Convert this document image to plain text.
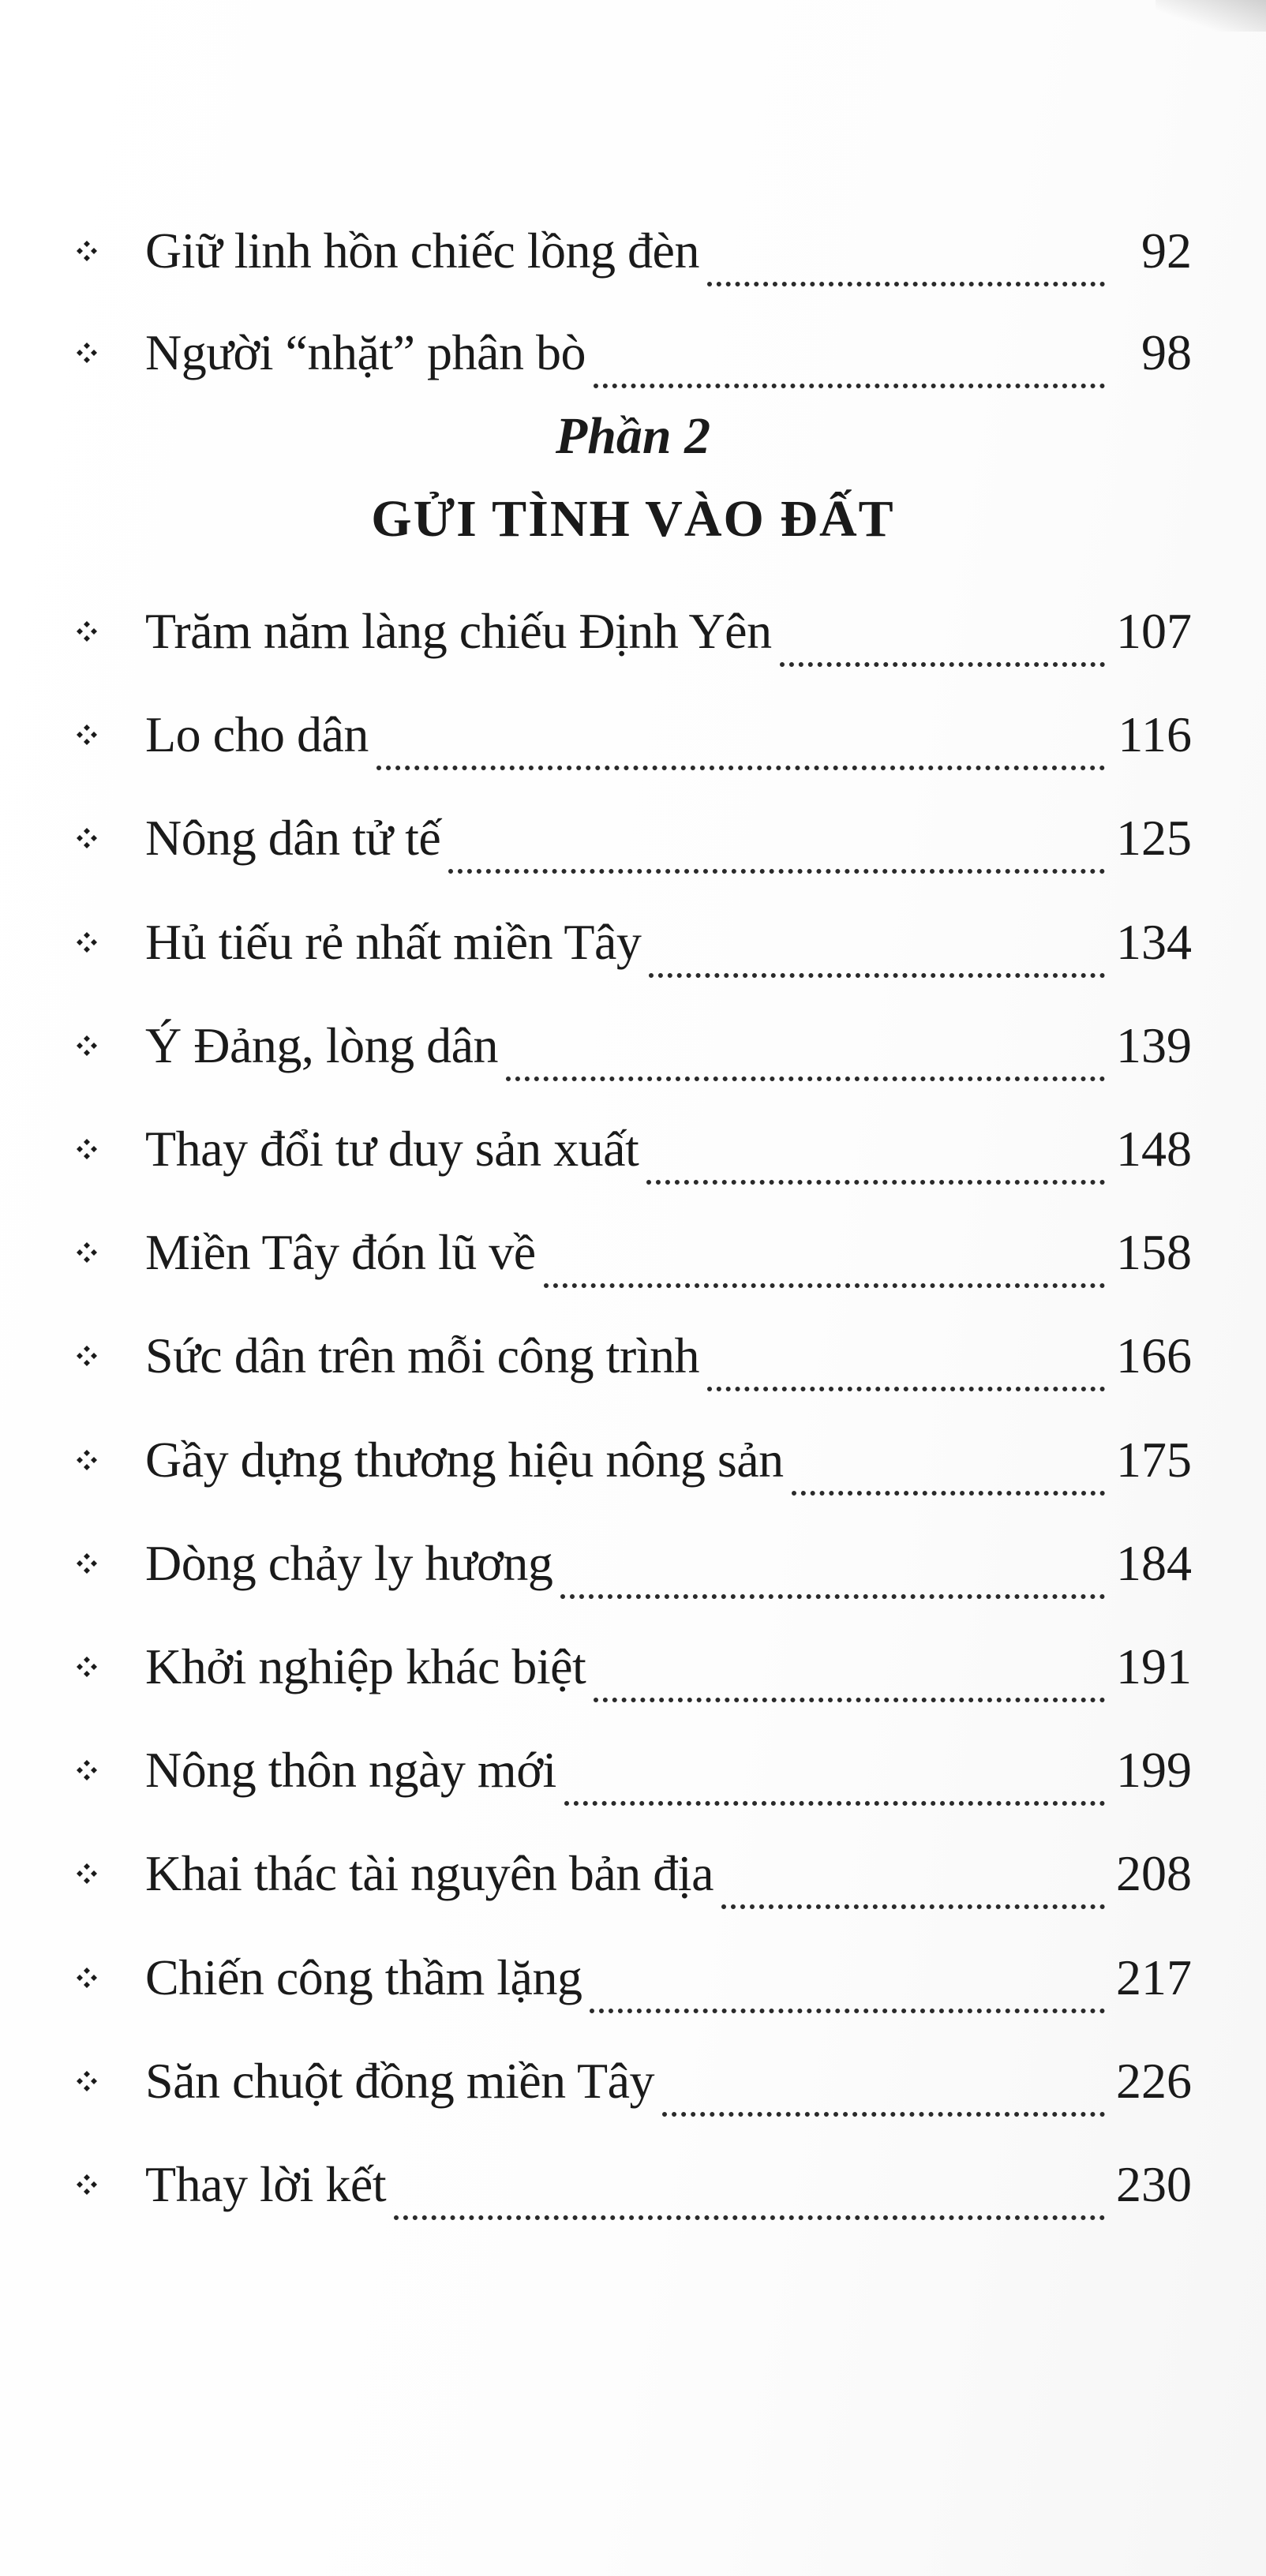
Giữ linh hồn chiếc lồng đèn	92
Người “nhặt” phân bò	98
Phần 2
GỬI TÌNH VÀO ĐẤT
Trăm năm làng chiếu Định Yên	107
Lo cho dân	116
Nông dân tử tế	125
Hủ tiếu rẻ nhất miền Tây	134
Ý Đảng, lòng dân	139
Thay đổi tư duy sản xuất	148
Miền Tây đón lũ về	158
Sức dân trên mỗi công trình	166
Gầy dựng thương hiệu nông sản	175
Dòng chảy ly hương	184
Khởi nghiệp khác biệt	191
Nông thôn ngày mới	199
Khai thác tài nguyên bản địa	208
Chiến công thầm lặng	217
Săn chuột đồng miền Tây	226
Thay lời kết	230
